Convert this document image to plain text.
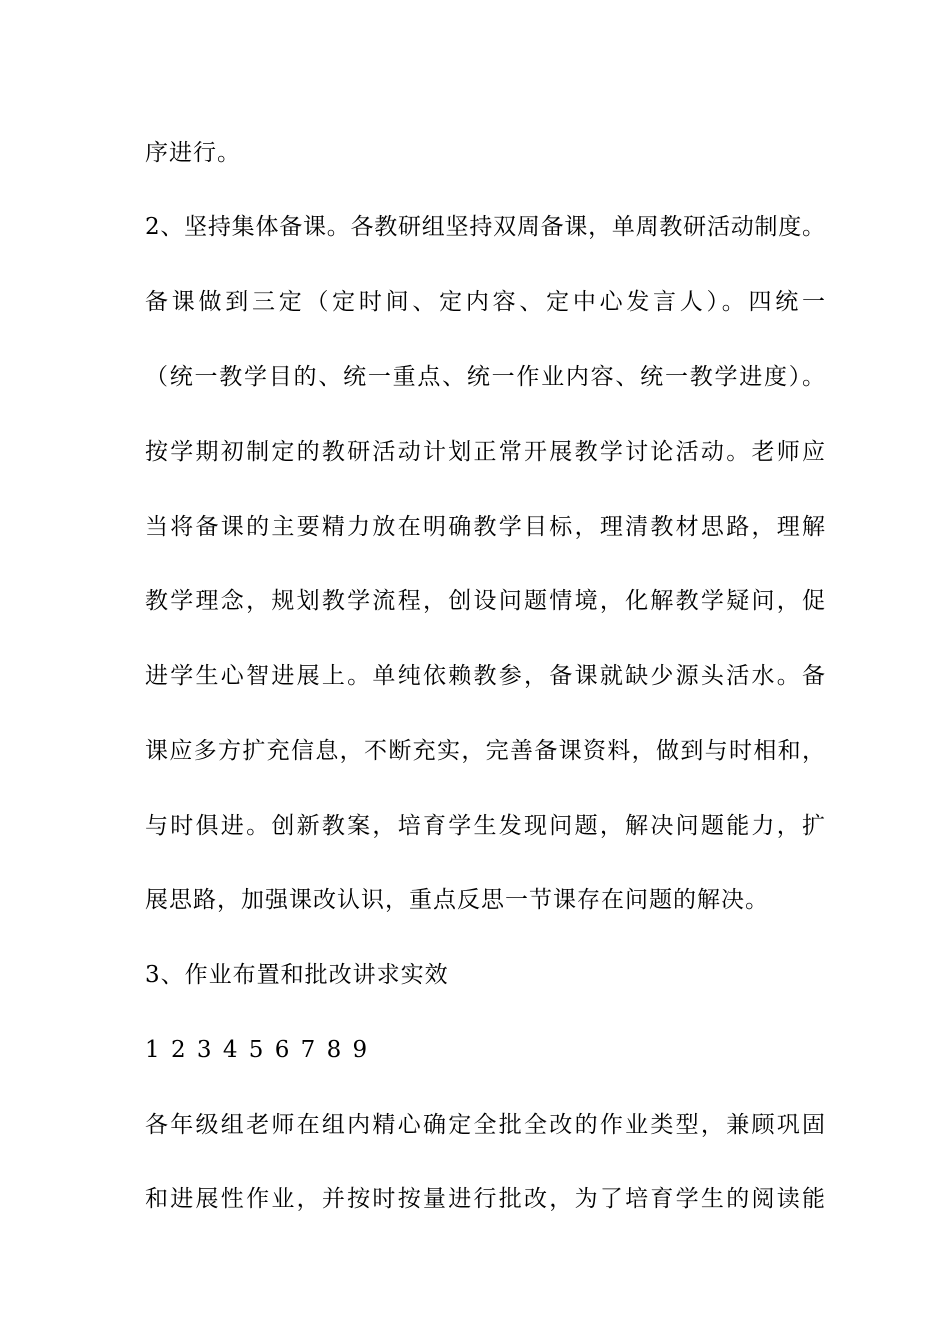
序进行。
2、坚持集体备课。各教研组坚持双周备课，单周教研活动制度。
备课做到三定（定时间、定内容、定中心发言人）。四统一
（统一教学目的、统一重点、统一作业内容、统一教学进度）。
按学期初制定的教研活动计划正常开展教学讨论活动。老师应
当将备课的主要精力放在明确教学目标，理清教材思路，理解
教学理念，规划教学流程，创设问题情境，化解教学疑问，促
进学生心智进展上。单纯依赖教参，备课就缺少源头活水。备
课应多方扩充信息，不断充实，完善备课资料，做到与时相和，
与时俱进。创新教案，培育学生发现问题，解决问题能力，扩
展思路，加强课改认识，重点反思一节课存在问题的解决。
3、作业布置和批改讲求实效
1 2 3 4 5 6 7 8 9
各年级组老师在组内精心确定全批全改的作业类型，兼顾巩固
和进展性作业，并按时按量进行批改，为了培育学生的阅读能
